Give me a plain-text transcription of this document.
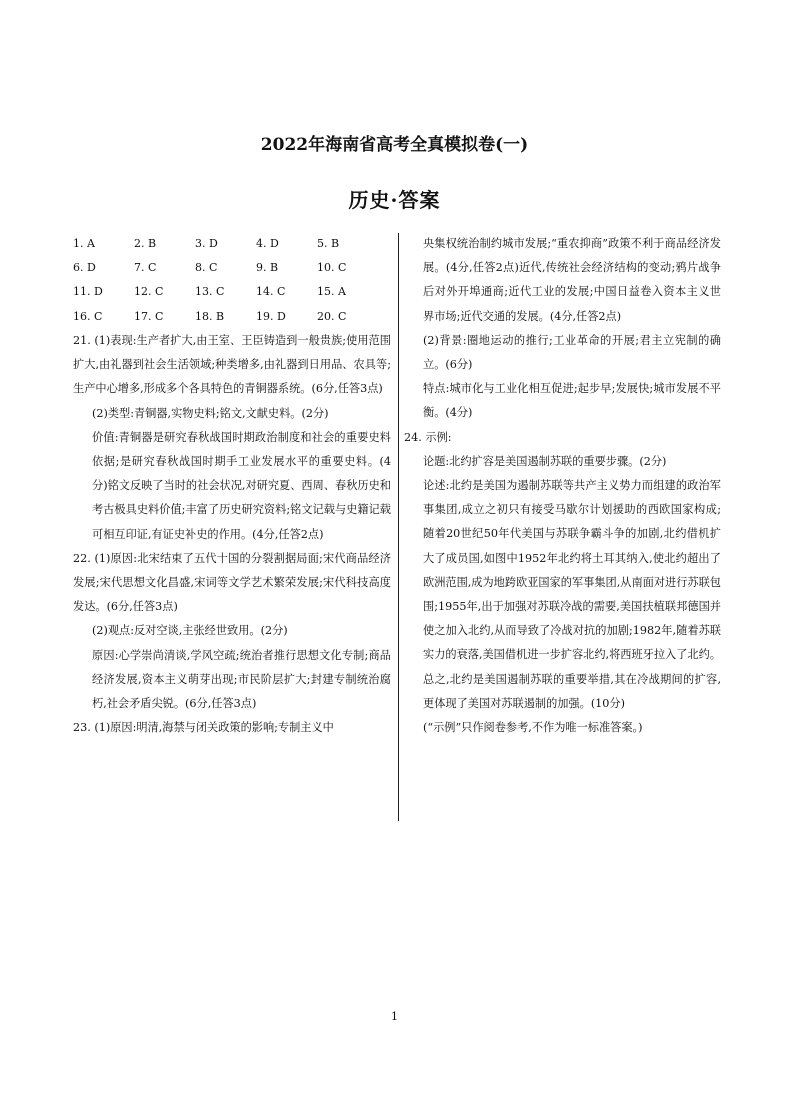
2022年海南省高考全真模拟卷(一)
历史·答案
1. A	2. B	3. D	4. D	5. B
6. D	7. C	8. C	9. B	10. C
11. D	12. C	13. C	14. C	15. A
16. C	17. C	18. B	19. D	20. C

21. (1)表现:生产者扩大,由王室、王臣铸造到一般贵族;使用范围扩大,由礼器到社会生活领域;种类增多,由礼器到日用品、农具等;生产中心增多,形成多个各具特色的青铜器系统。(6分,任答3点)

(2)类型:青铜器,实物史料;铭文,文献史料。(2分)

价值:青铜器是研究春秋战国时期政治制度和社会的重要史料依据;是研究春秋战国时期手工业发展水平的重要史料。(4分)铭文反映了当时的社会状况,对研究夏、西周、春秋历史和考古极具史料价值;丰富了历史研究资料;铭文记载与史籍记载可相互印证,有证史补史的作用。(4分,任答2点)

22. (1)原因:北宋结束了五代十国的分裂割据局面;宋代商品经济发展;宋代思想文化昌盛,宋词等文学艺术繁荣发展;宋代科技高度发达。(6分,任答3点)

(2)观点:反对空谈,主张经世致用。(2分)

原因:心学崇尚清谈,学风空疏;统治者推行思想文化专制;商品经济发展,资本主义萌芽出现;市民阶层扩大;封建专制统治腐朽,社会矛盾尖锐。(6分,任答3点)

23. (1)原因:明清,海禁与闭关政策的影响;专制主义中

央集权统治制约城市发展;“重农抑商”政策不利于商品经济发展。(4分,任答2点)近代,传统社会经济结构的变动;鸦片战争后对外开埠通商;近代工业的发展;中国日益卷入资本主义世界市场;近代交通的发展。(4分,任答2点)

(2)背景:圈地运动的推行;工业革命的开展;君主立宪制的确立。(6分)

特点:城市化与工业化相互促进;起步早;发展快;城市发展不平衡。(4分)

24. 示例:

论题:北约扩容是美国遏制苏联的重要步骤。(2分)

论述:北约是美国为遏制苏联等共产主义势力而组建的政治军事集团,成立之初只有接受马歇尔计划援助的西欧国家构成;随着20世纪50年代美国与苏联争霸斗争的加剧,北约借机扩大了成员国,如图中1952年北约将土耳其纳入,使北约超出了欧洲范围,成为地跨欧亚国家的军事集团,从南面对进行苏联包围;1955年,出于加强对苏联冷战的需要,美国扶植联邦德国并使之加入北约,从而导致了冷战对抗的加剧;1982年,随着苏联实力的衰落,美国借机进一步扩容北约,将西班牙拉入了北约。总之,北约是美国遏制苏联的重要举措,其在冷战期间的扩容,更体现了美国对苏联遏制的加强。(10分)

(“示例”只作阅卷参考,不作为唯一标准答案。)

1
